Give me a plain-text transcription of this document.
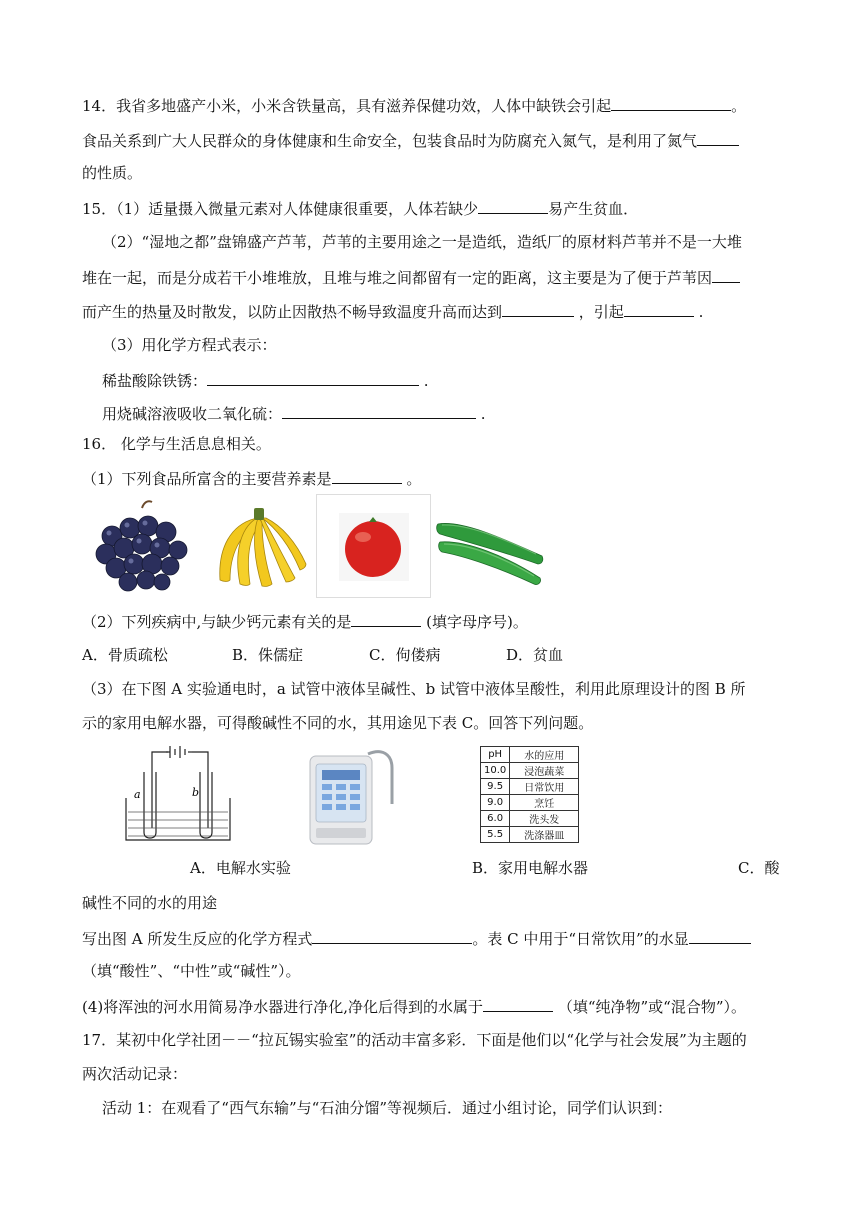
14．我省多地盛产小米，小米含铁量高，具有滋养保健功效，人体中缺铁会引起	。
食品关系到广大人民群众的身体健康和生命安全，包装食品时为防腐充入氮气，是利用了氮气
的性质。
15．（1）适量摄入微量元素对人体健康很重要，人体若缺少	易产生贫血．
（2）“湿地之都”盘锦盛产芦苇，芦苇的主要用途之一是造纸，造纸厂的原材料芦苇并不是一大堆
堆在一起，而是分成若干小堆堆放，且堆与堆之间都留有一定的距离，这主要是为了便于芦苇因
而产生的热量及时散发，以防止因散热不畅导致温度升高而达到	，引起	.
（3）用化学方程式表示：
稀盐酸除铁锈：	.
用烧碱溶液吸收二氧化硫：	.
16． 化学与生活息息相关。
（1）下列食品所富含的主要营养素是	。
（2）下列疾病中,与缺少钙元素有关的是	(填字母序号)。
A．骨质疏松	B．侏儒症	C．佝偻病	D．贫血
（3）在下图 A 实验通电时，a 试管中液体呈碱性、b 试管中液体呈酸性，利用此原理设计的图 B 所
示的家用电解水器，可得酸碱性不同的水，其用途见下表 C。回答下列问题。
a	b
pH	水的应用
10.0	浸泡蔬菜
9.5	日常饮用
9.0	烹饪
6.0	洗头发
5.5	洗涤器皿
A．电解水实验	B．家用电解水器	C．酸
碱性不同的水的用途
写出图 A 所发生反应的化学方程式	。表 C 中用于“日常饮用”的水显
（填“酸性”、“中性”或“碱性”）。
(4)将浑浊的河水用简易净水器进行净化,净化后得到的水属于	（填“纯净物”或“混合物”）。
17．某初中化学社团－－“拉瓦锡实验室”的活动丰富多彩．下面是他们以“化学与社会发展”为主题的
两次活动记录：
活动 1：在观看了“西气东输”与“石油分馏”等视频后．通过小组讨论，同学们认识到：
